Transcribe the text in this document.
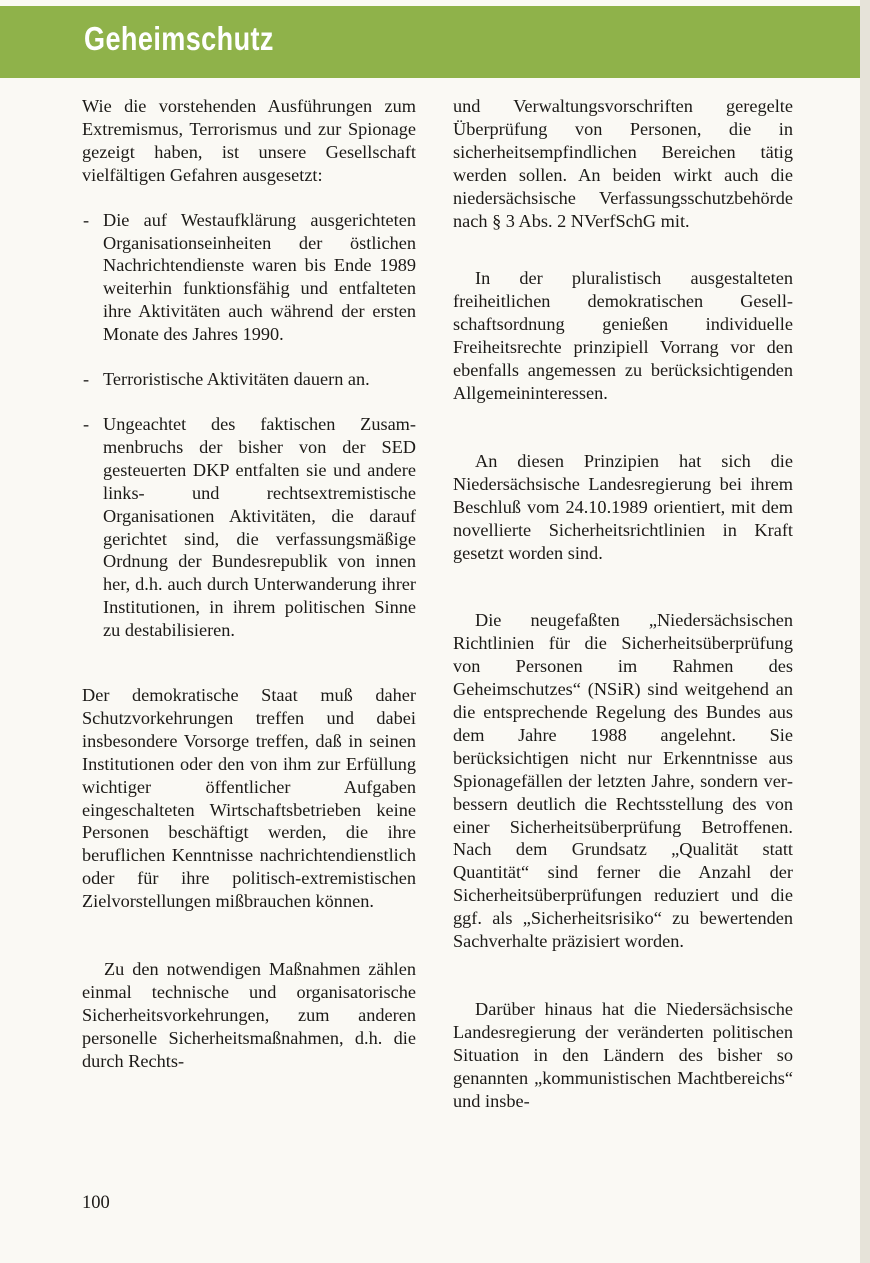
Geheimschutz

Wie die vorstehenden Ausführungen zum Extremismus, Terrorismus und zur Spionage gezeigt haben, ist unsere Gesellschaft vielfältigen Gefahren ausgesetzt:

- Die auf Westaufklärung ausgerichteten Organisationseinheiten der östlichen Nachrichtendienste waren bis Ende 1989 weiterhin funktionsfähig und entfalteten ihre Aktivitäten auch während der ersten Monate des Jahres 1990.
- Terroristische Aktivitäten dauern an.
- Ungeachtet des faktischen Zusammenbruchs der bisher von der SED gesteuerten DKP entfalten sie und andere links- und rechtsextremistische Organisationen Aktivitäten, die darauf gerichtet sind, die verfassungsmäßige Ordnung der Bundesrepublik von innen her, d.h. auch durch Unterwanderung ihrer Institutionen, in ihrem politischen Sinne zu destabilisieren.

Der demokratische Staat muß daher Schutzvorkehrungen treffen und dabei insbesondere Vorsorge treffen, daß in seinen Institutionen oder den von ihm zur Erfüllung wichtiger öffentlicher Aufgaben eingeschalteten Wirtschaftsbetrieben keine Personen beschäftigt werden, die ihre beruflichen Kenntnisse nachrichtendienstlich oder für ihre politisch-extremistischen Zielvorstellungen mißbrauchen können.

Zu den notwendigen Maßnahmen zählen einmal technische und organisatorische Sicherheitsvorkehrungen, zum anderen personelle Sicherheitsmaßnahmen, d.h. die durch Rechts-

und Verwaltungsvorschriften geregelte Überprüfung von Personen, die in sicherheitsempfindlichen Bereichen tätig werden sollen. An beiden wirkt auch die niedersächsische Verfassungsschutzbehörde nach § 3 Abs. 2 NVerfSchG mit.

In der pluralistisch ausgestalteten freiheitlichen demokratischen Gesellschaftsordnung genießen individuelle Freiheitsrechte prinzipiell Vorrang vor den ebenfalls angemessen zu berücksichtigenden Allgemeininteressen.

An diesen Prinzipien hat sich die Niedersächsische Landesregierung bei ihrem Beschluß vom 24.10.1989 orientiert, mit dem novellierte Sicherheitsrichtlinien in Kraft gesetzt worden sind.

Die neugefaßten „Niedersächsischen Richtlinien für die Sicherheitsüberprüfung von Personen im Rahmen des Geheimschutzes“ (NSiR) sind weitgehend an die entsprechende Regelung des Bundes aus dem Jahre 1988 angelehnt. Sie berücksichtigen nicht nur Erkenntnisse aus Spionagefällen der letzten Jahre, sondern verbessern deutlich die Rechtsstellung des von einer Sicherheitsüberprüfung Betroffenen. Nach dem Grundsatz „Qualität statt Quantität“ sind ferner die Anzahl der Sicherheitsüberprüfungen reduziert und die ggf. als „Sicherheitsrisiko“ zu bewertenden Sachverhalte präzisiert worden.

Darüber hinaus hat die Niedersächsische Landesregierung der veränderten politischen Situation in den Ländern des bisher so genannten „kommunistischen Machtbereichs“ und insbe-

100
